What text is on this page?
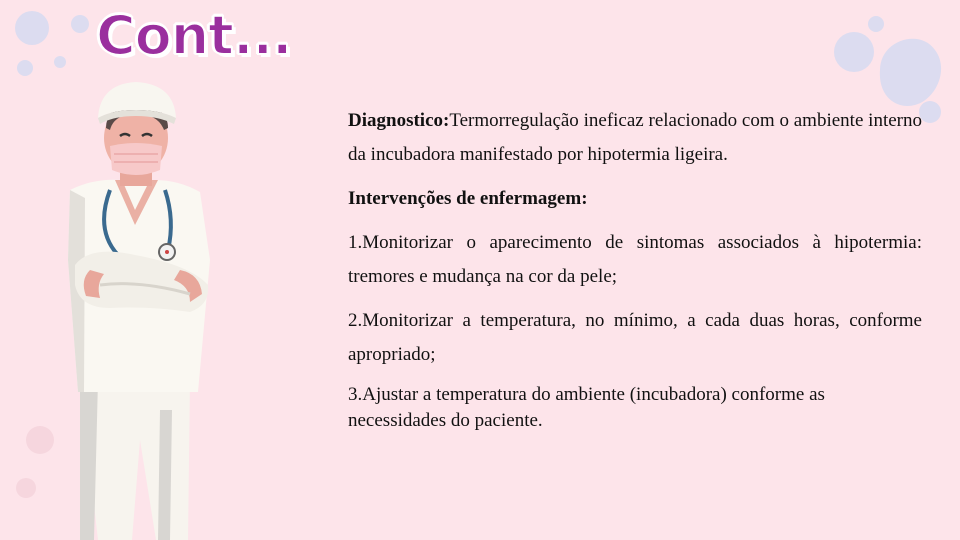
Cont...

Diagnostico:Termorregulação ineficaz relacionado com o ambiente interno da incubadora manifestado por hipotermia ligeira.

Intervenções de enfermagem:

1.Monitorizar o aparecimento de sintomas associados à hipotermia: tremores e mudança na cor da pele;

2.Monitorizar a temperatura, no mínimo, a cada duas horas, conforme apropriado;

3.Ajustar a temperatura do ambiente (incubadora) conforme as necessidades do paciente.
